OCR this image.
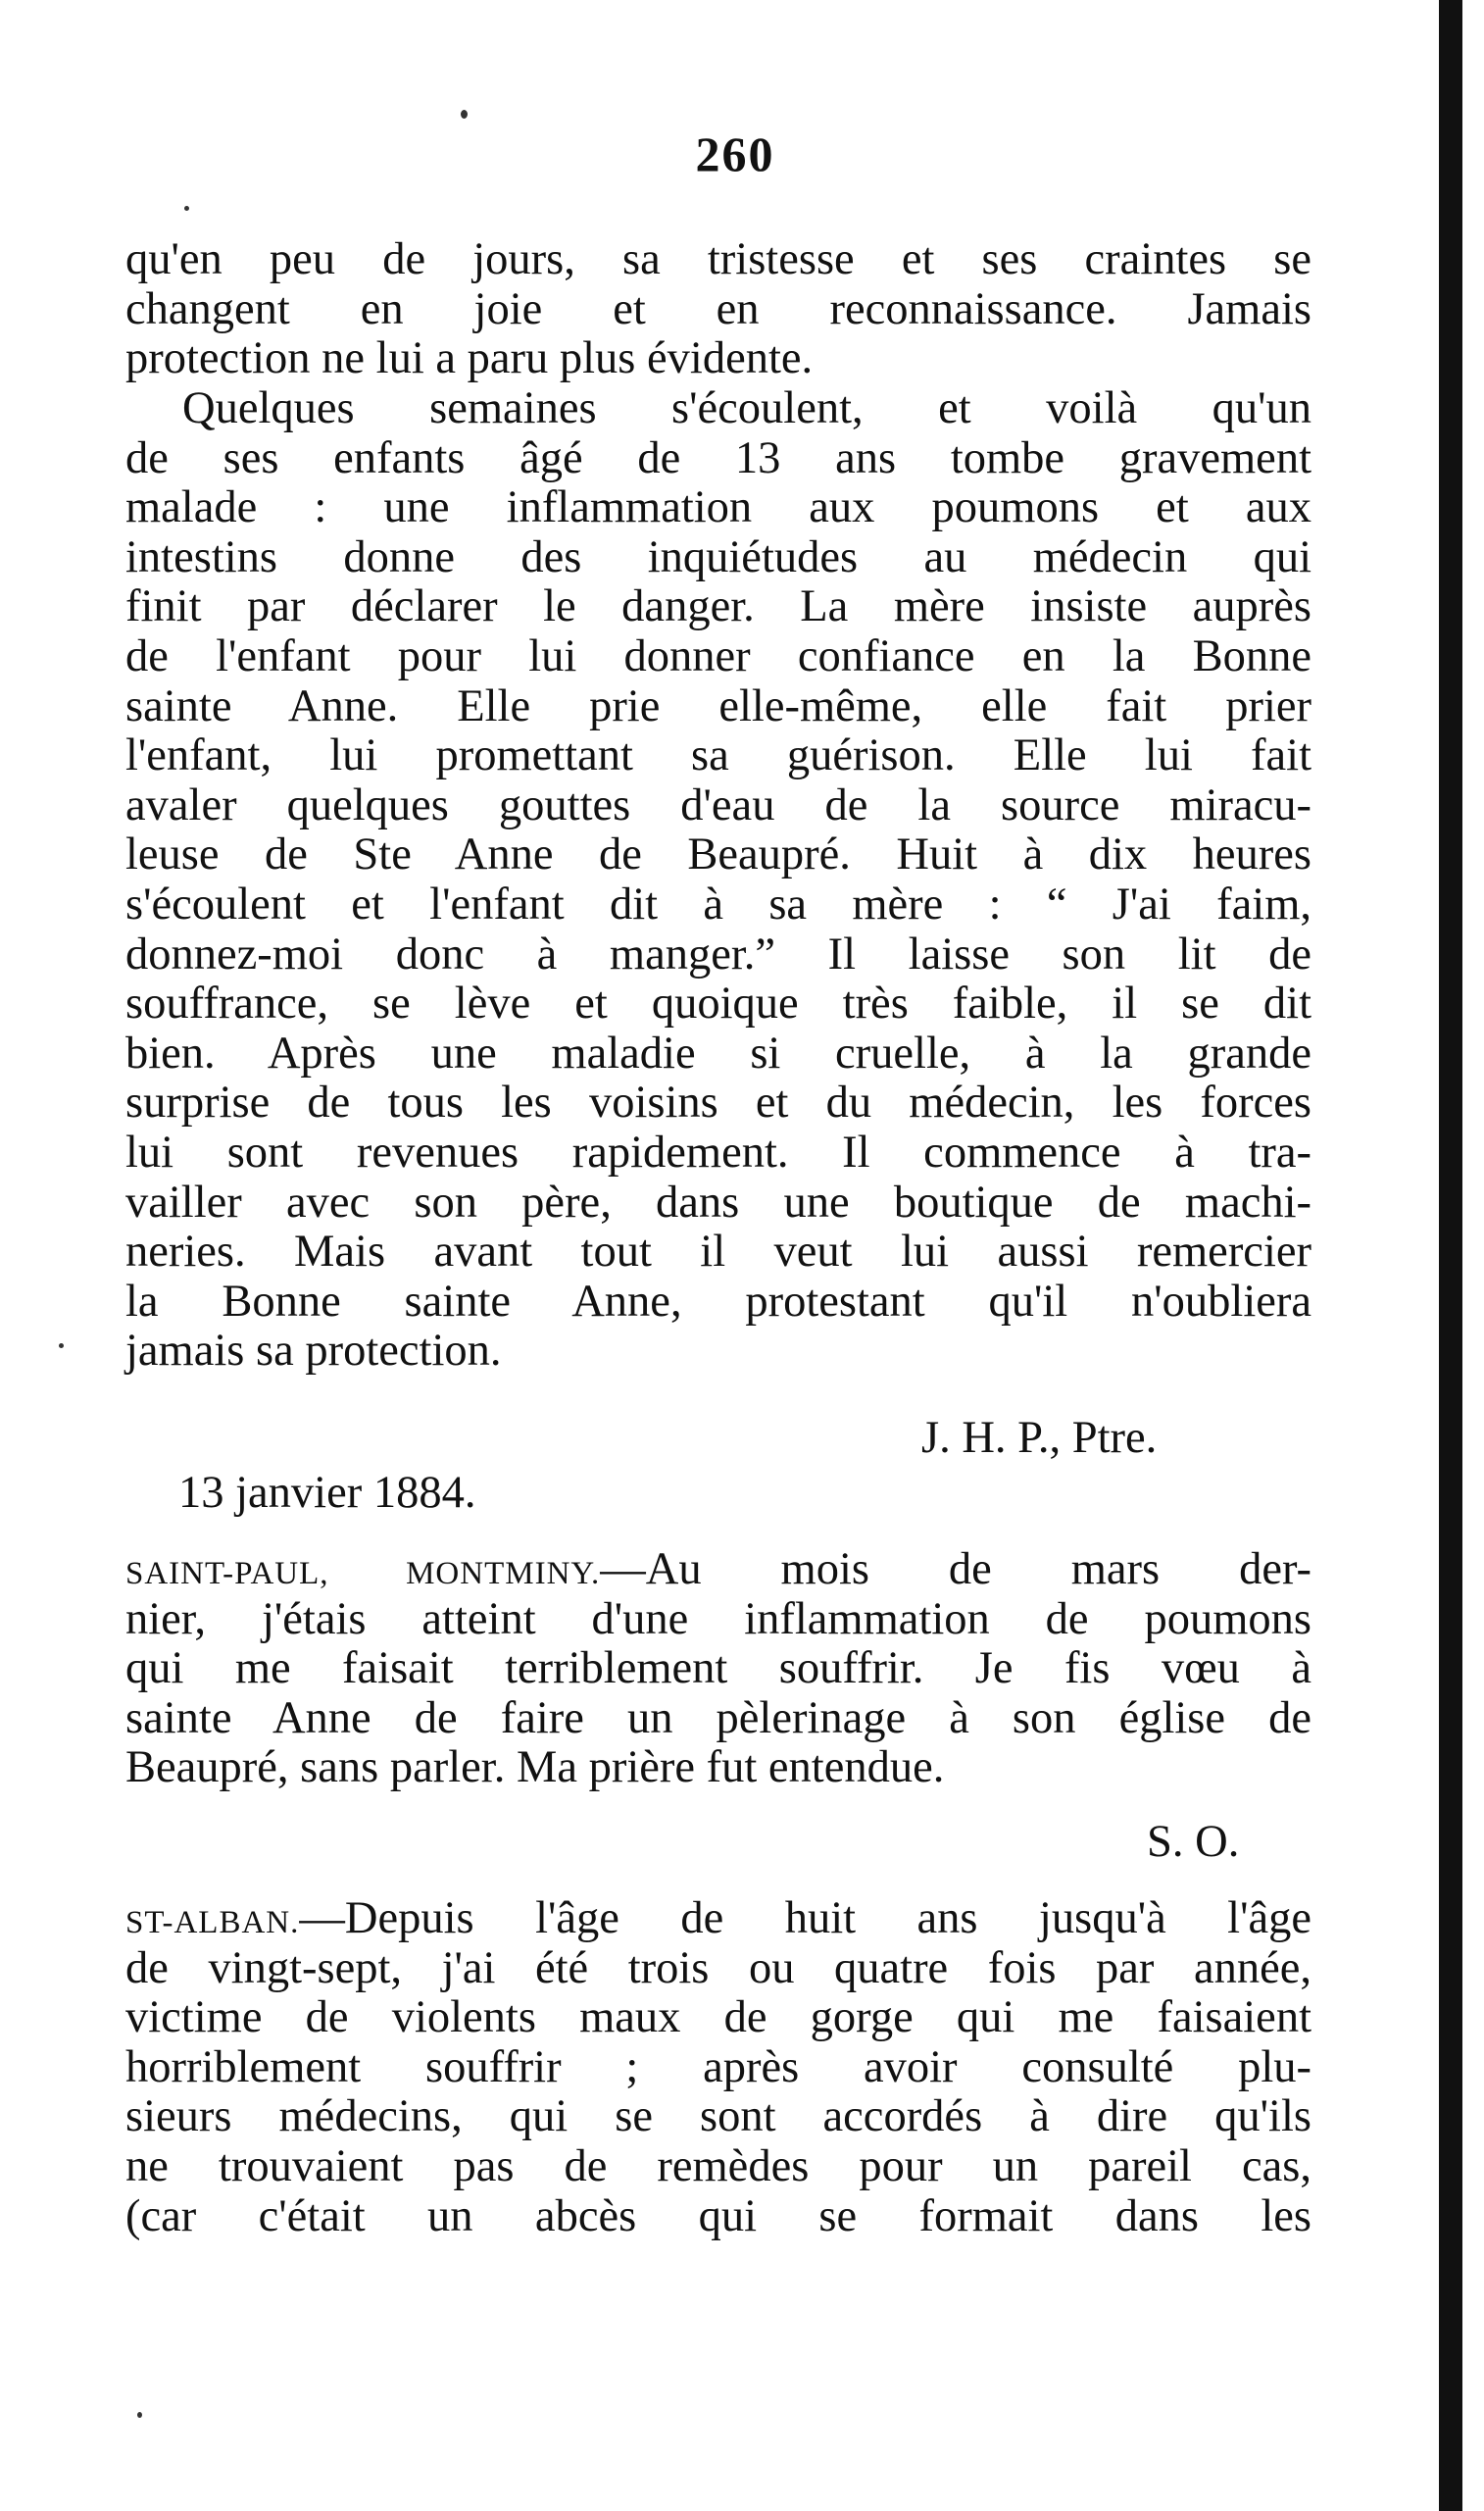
260
qu'en peu de jours, sa tristesse et ses craintes se
changent en joie et en reconnaissance. Jamais
protection ne lui a paru plus évidente.
Quelques semaines s'écoulent, et voilà qu'un
de ses enfants âgé de 13 ans tombe gravement
malade : une inflammation aux poumons et aux
intestins donne des inquiétudes au médecin qui
finit par déclarer le danger. La mère insiste auprès
de l'enfant pour lui donner confiance en la Bonne
sainte Anne. Elle prie elle-même, elle fait prier
l'enfant, lui promettant sa guérison. Elle lui fait
avaler quelques gouttes d'eau de la source miracu-
leuse de Ste Anne de Beaupré. Huit à dix heures
s'écoulent et l'enfant dit à sa mère : “ J'ai faim,
donnez-moi donc à manger.” Il laisse son lit de
souffrance, se lève et quoique très faible, il se dit
bien. Après une maladie si cruelle, à la grande
surprise de tous les voisins et du médecin, les forces
lui sont revenues rapidement. Il commence à tra-
vailler avec son père, dans une boutique de machi-
neries. Mais avant tout il veut lui aussi remercier
la Bonne sainte Anne, protestant qu'il n'oubliera
jamais sa protection.
J. H. P., Ptre.
13 janvier 1884.
SAINT-PAUL, MONTMINY.—Au mois de mars der-
nier, j'étais atteint d'une inflammation de poumons
qui me faisait terriblement souffrir. Je fis vœu à
sainte Anne de faire un pèlerinage à son église de
Beaupré, sans parler. Ma prière fut entendue.
S. O.
ST-ALBAN.—Depuis l'âge de huit ans jusqu'à l'âge
de vingt-sept, j'ai été trois ou quatre fois par année,
victime de violents maux de gorge qui me faisaient
horriblement souffrir ; après avoir consulté plu-
sieurs médecins, qui se sont accordés à dire qu'ils
ne trouvaient pas de remèdes pour un pareil cas,
(car c'était un abcès qui se formait dans les
